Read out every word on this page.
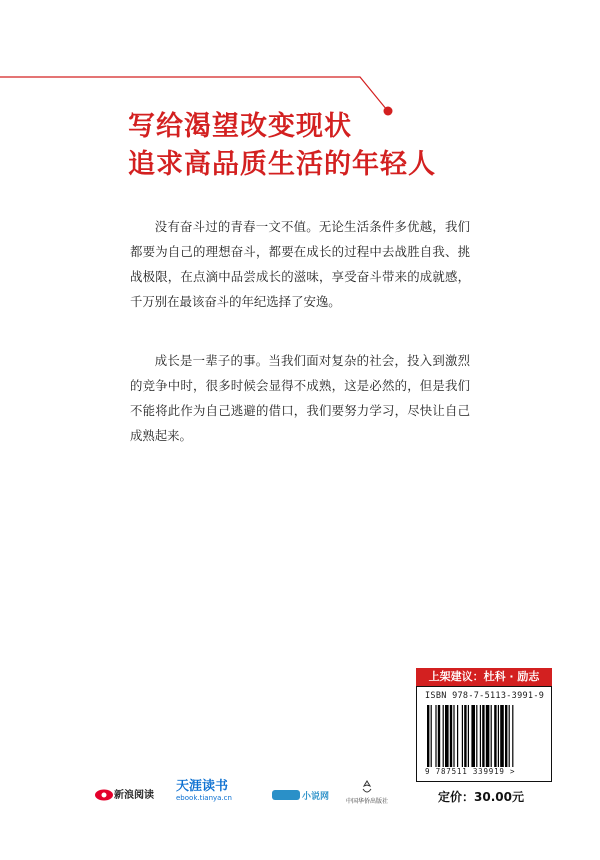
写给渴望改变现状
追求高品质生活的年轻人

没有奋斗过的青春一文不值。无论生活条件多优越，我们都要为自己的理想奋斗，都要在成长的过程中去战胜自我、挑战极限，在点滴中品尝成长的滋味，享受奋斗带来的成就感，千万别在最该奋斗的年纪选择了安逸。

成长是一辈子的事。当我们面对复杂的社会，投入到激烈的竞争中时，很多时候会显得不成熟，这是必然的，但是我们不能将此作为自己逃避的借口，我们要努力学习，尽快让自己成熟起来。

上架建议：杜科 · 励志
ISBN 978-7-5113-3991-9
9 787511 339919 >
定价：30.00元
新浪阅读
天涯读书
ebook.tianya.cn	小说网	中国华侨出版社
